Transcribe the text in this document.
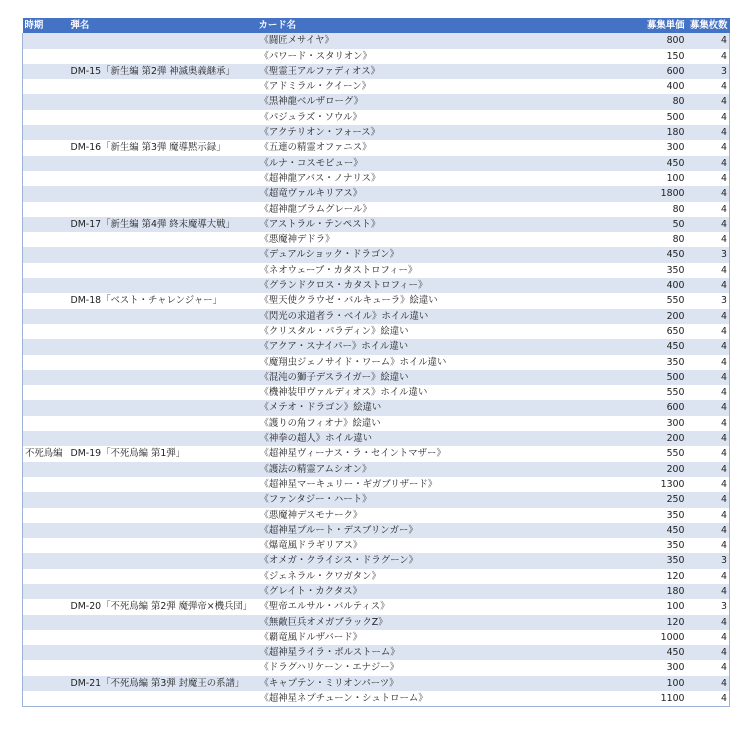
時期	弾名	カード名	募集単価	募集枚数
		《闘匠メサイヤ》	800	4
		《パワード・スタリオン》	150	4
	DM-15「新生編 第2弾 神滅奥義継承」	《聖霊王アルファディオス》	600	3
		《アドミラル・クイーン》	400	4
		《黒神龍ベルザローグ》	80	4
		《パジュラズ・ソウル》	500	4
		《アクテリオン・フォース》	180	4
	DM-16「新生編 第3弾 魔導黙示録」	《五連の精霊オファニス》	300	4
		《ルナ・コスモビュー》	450	4
		《超神龍アバス・ノナリス》	100	4
		《超竜ヴァルキリアス》	1800	4
		《超神龍ブラムグレール》	80	4
	DM-17「新生編 第4弾 終末魔導大戦」	《アストラル・テンペスト》	50	4
		《悪魔神デドラ》	80	4
		《デュアルショック・ドラゴン》	450	3
		《ネオウェーブ・カタストロフィー》	350	4
		《グランドクロス・カタストロフィー》	400	4
	DM-18「ベスト・チャレンジャー」	《聖天使クラウゼ・バルキューラ》絵違い	550	3
		《閃光の求道者ラ・ベイル》ホイル違い	200	4
		《クリスタル・パラディン》絵違い	650	4
		《アクア・スナイパー》ホイル違い	450	4
		《魔翔虫ジェノサイド・ワーム》ホイル違い	350	4
		《混沌の獅子デスライガー》絵違い	500	4
		《機神装甲ヴァルディオス》ホイル違い	550	4
		《メテオ・ドラゴン》絵違い	600	4
		《護りの角フィオナ》絵違い	300	4
		《神拳の超人》ホイル違い	200	4
不死鳥編	DM-19「不死鳥編 第1弾」	《超神星ヴィーナス・ラ・セイントマザー》	550	4
		《護法の精霊アムシオン》	200	4
		《超神星マーキュリー・ギガブリザード》	1300	4
		《ファンタジー・ハート》	250	4
		《悪魔神デスモナーク》	350	4
		《超神星プルート・デスブリンガー》	450	4
		《爆竜風ドラギリアス》	350	4
		《オメガ・クライシス・ドラグーン》	350	3
		《ジェネラル・クワガタン》	120	4
		《グレイト・カクタス》	180	4
	DM-20「不死鳥編 第2弾 魔弾帝×機兵団」	《聖帝エルサル・バルティス》	100	3
		《無敵巨兵オメガブラックZ》	120	4
		《覇竜風ドルザバード》	1000	4
		《超神星ライラ・ボルストーム》	450	4
		《ドラグハリケーン・エナジー》	300	4
	DM-21「不死鳥編 第3弾 封魔王の系譜」	《キャプテン・ミリオンパーツ》	100	4
		《超神星ネプチューン・シュトローム》	1100	4
